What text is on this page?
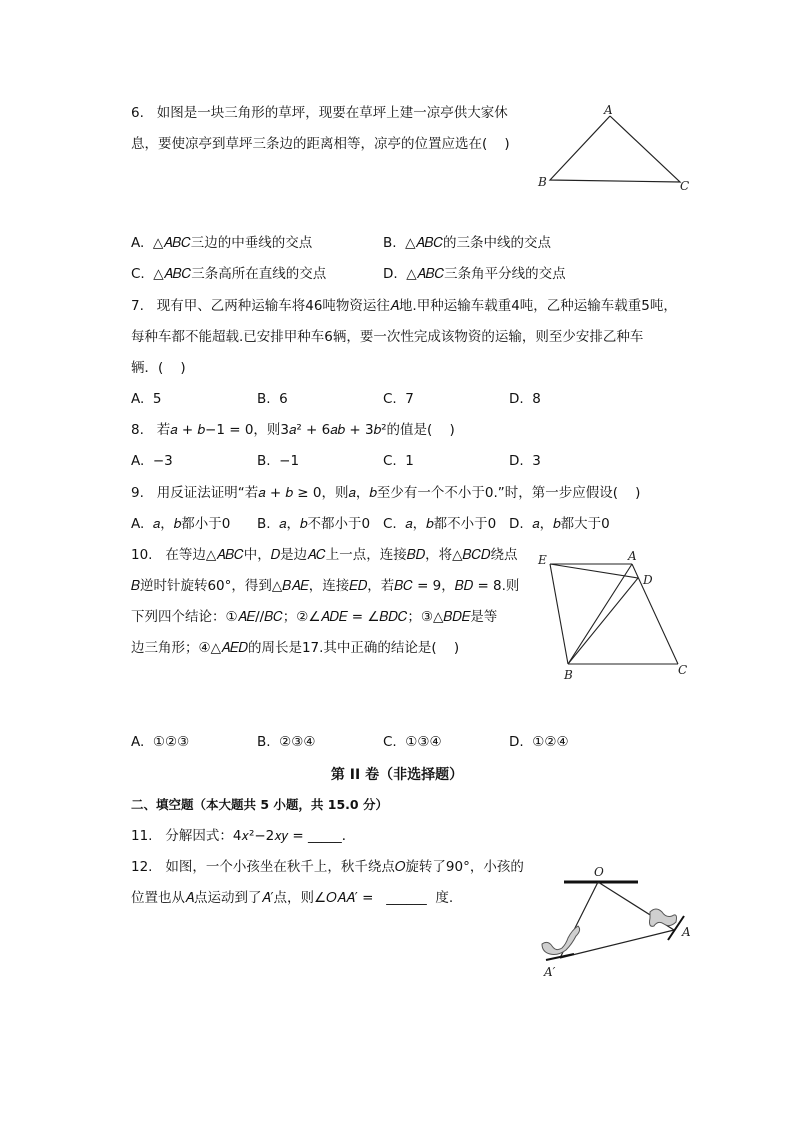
6.   如图是一块三角形的草坪，现要在草坪上建一凉亭供大家休
息，要使凉亭到草坪三条边的距离相等，凉亭的位置应选在(    )
A
B	C
A.  △𝐴𝐵𝐶三边的中垂线的交点	B.  △𝐴𝐵𝐶的三条中线的交点
C.  △𝐴𝐵𝐶三条高所在直线的交点	D.  △𝐴𝐵𝐶三条角平分线的交点
7.   现有甲、乙两种运输车将46吨物资运往𝐴地.甲种运输车载重4吨，乙种运输车载重5吨，
每种车都不能超载.已安排甲种车6辆，要一次性完成该物资的运输，则至少安排乙种车
辆．(    )
A.  5	B.  6	C.  7	D.  8
8.   若𝑎 + 𝑏−1 = 0，则3𝑎² + 6𝑎𝑏 + 3𝑏²的值是(    )
A.  −3	B.  −1	C.  1	D.  3
9.   用反证法证明“若𝑎 + 𝑏 ≥ 0，则𝑎，𝑏至少有一个不小于0.”时，第一步应假设(    )
A.  𝑎，𝑏都小于0 B.  𝑎，𝑏不都小于0 C.  𝑎，𝑏都不小于0 D.  𝑎，𝑏都大于0
10.   在等边△𝐴𝐵𝐶中，𝐷是边𝐴𝐶上一点，连接𝐵𝐷，将△𝐵𝐶𝐷绕点
𝐵逆时针旋转60°，得到△𝐵𝐴𝐸，连接𝐸𝐷，若𝐵𝐶 = 9，𝐵𝐷 = 8.则
下列四个结论：①𝐴𝐸//𝐵𝐶；②∠𝐴𝐷𝐸 = ∠𝐵𝐷𝐶；③△𝐵𝐷𝐸是等
边三角形；④△𝐴𝐸𝐷的周长是17.其中正确的结论是(    )
E	A
D
B	C
A.  ①②③	B.  ②③④	C.  ①③④	D.  ①②④
第 II 卷（非选择题）
二、填空题（本大题共 5 小题，共 15.0 分）
11.   分解因式：4𝑥²−2𝑥𝑦 = _____．
12.   如图，一个小孩坐在秋千上，秋千绕点𝑂旋转了90°，小孩的
位置也从𝐴点运动到了𝐴′点，则∠𝑂𝐴𝐴′ =   ______  度.
O
A
A′
